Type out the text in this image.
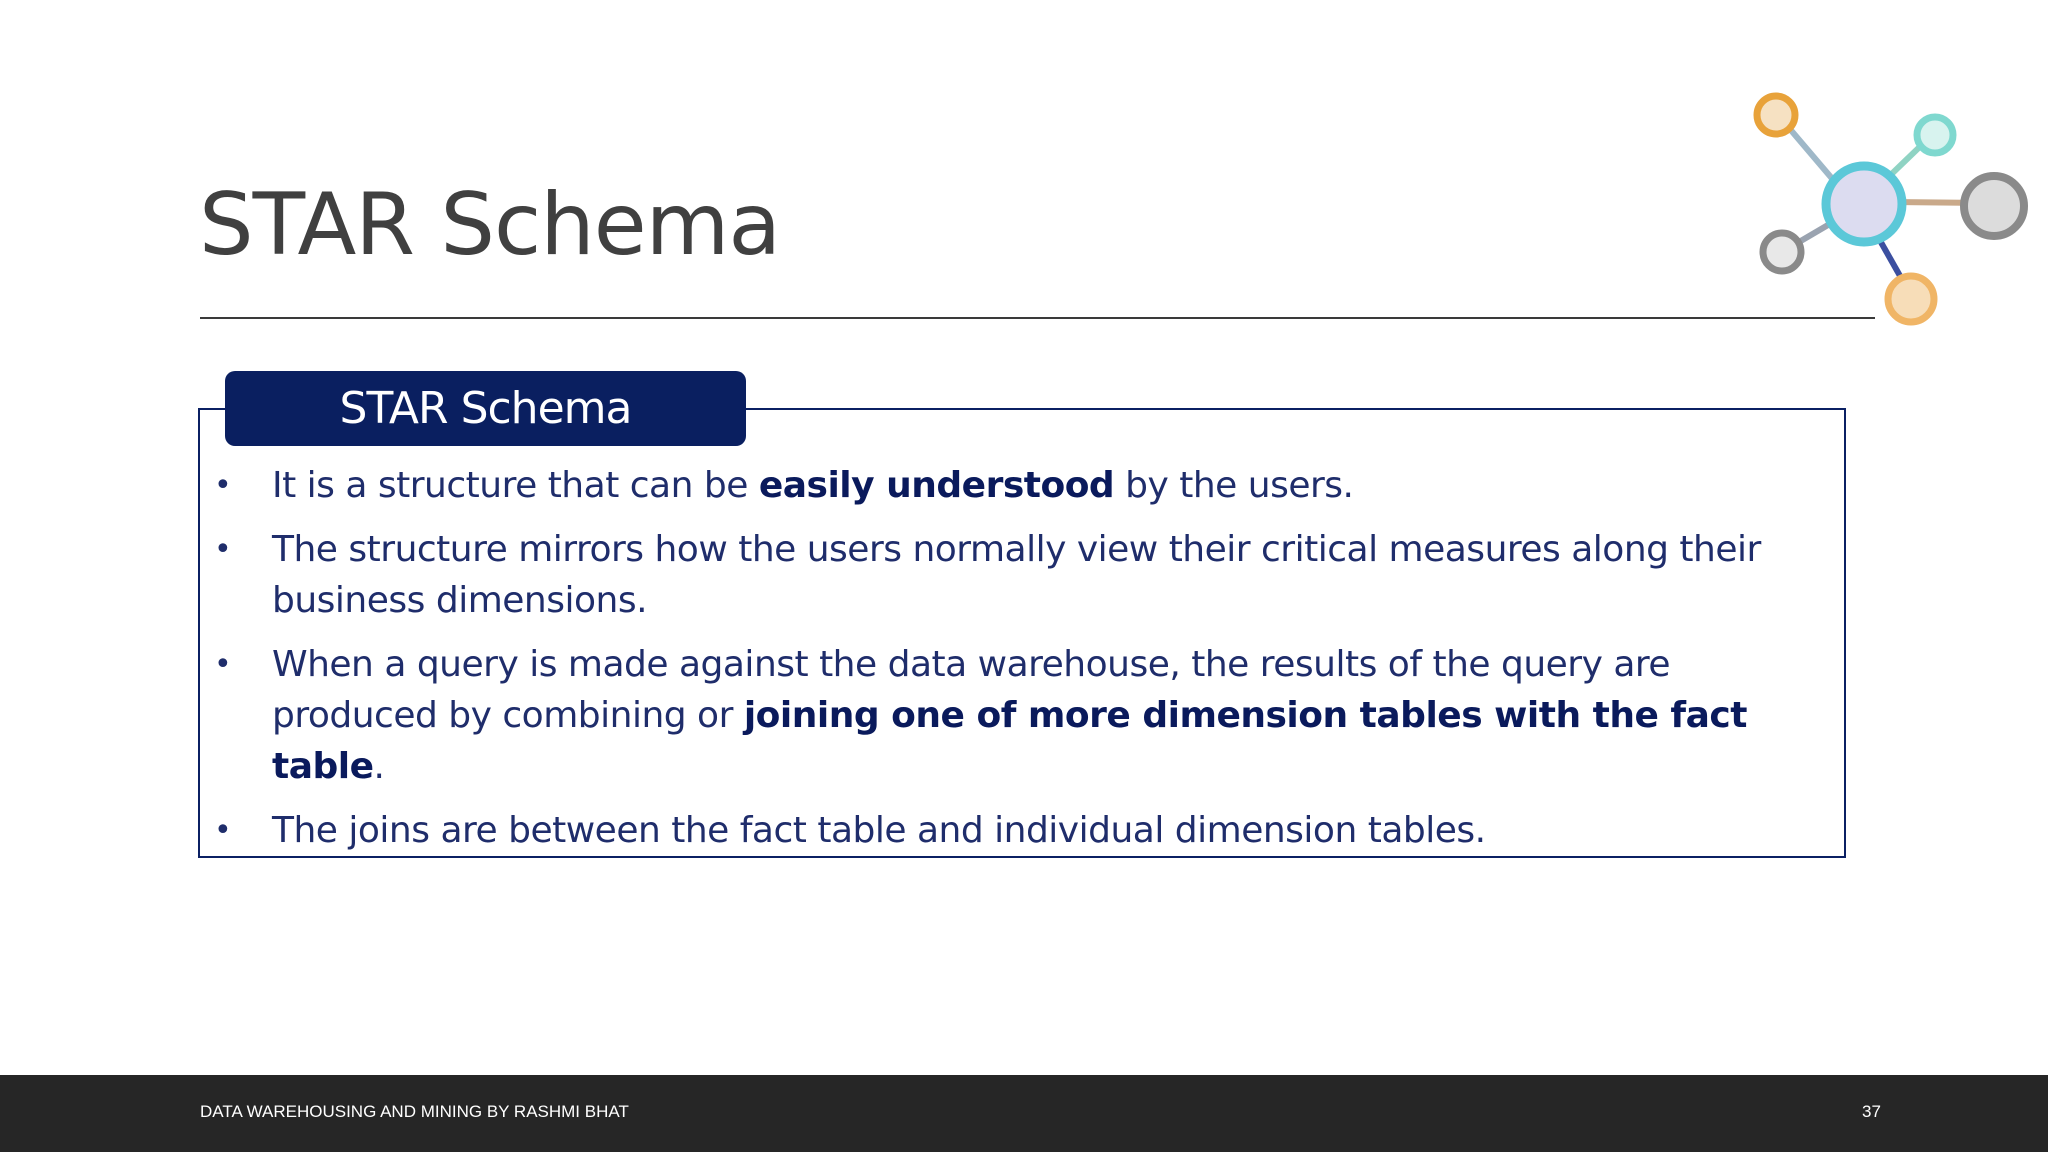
STAR Schema
STAR Schema
• It is a structure that can be easily understood by the users.
• The structure mirrors how the users normally view their critical measures along their business dimensions.
• When a query is made against the data warehouse, the results of the query are produced by combining or joining one of more dimension tables with the fact table.
• The joins are between the fact table and individual dimension tables.
DATA WAREHOUSING AND MINING BY RASHMI BHAT	37
